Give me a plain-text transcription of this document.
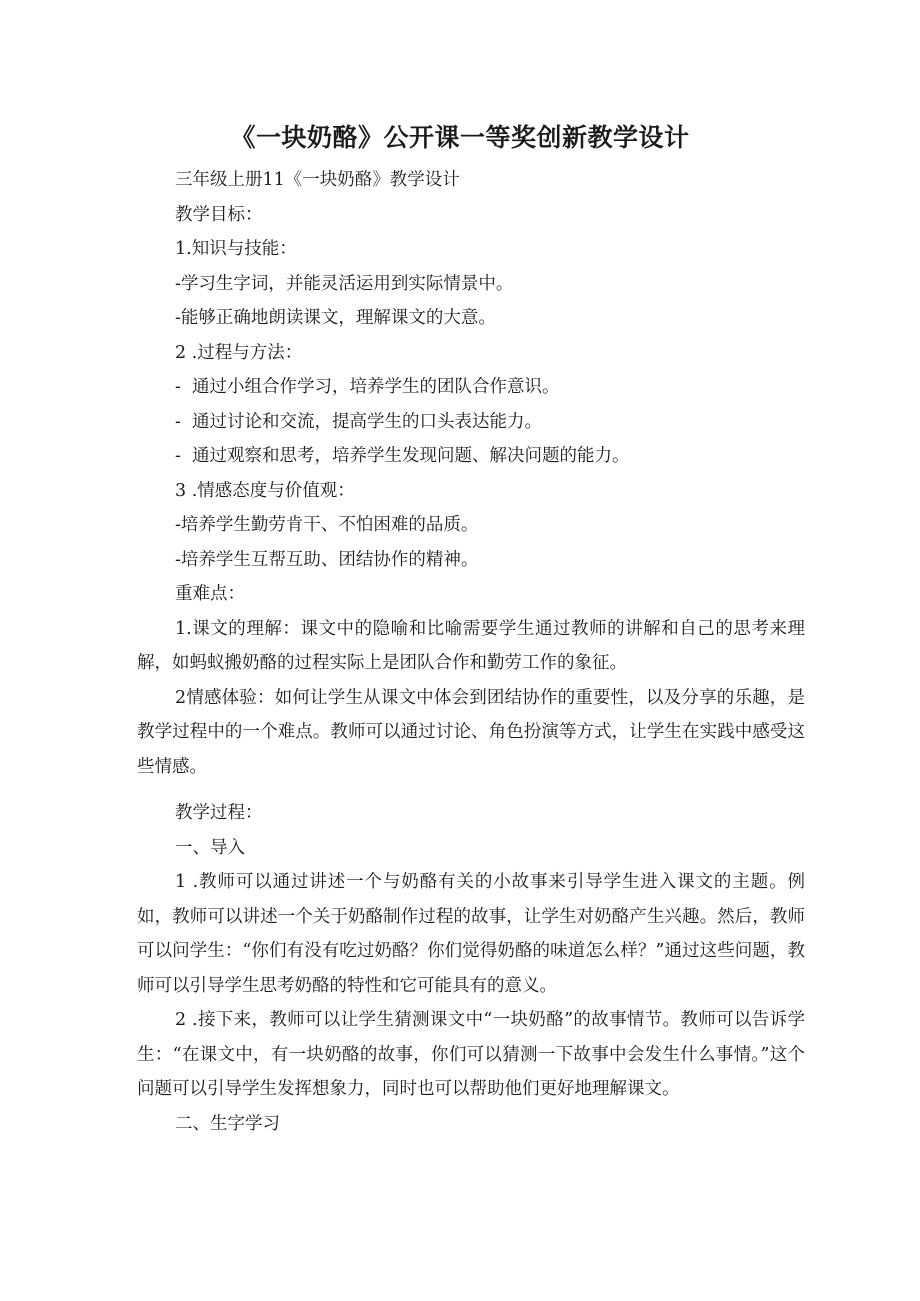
《一块奶酪》公开课一等奖创新教学设计

三年级上册11《一块奶酪》教学设计

教学目标：

1.知识与技能：

-学习生字词，并能灵活运用到实际情景中。

-能够正确地朗读课文，理解课文的大意。

2 .过程与方法：

-  通过小组合作学习，培养学生的团队合作意识。

-  通过讨论和交流，提高学生的口头表达能力。

-  通过观察和思考，培养学生发现问题、解决问题的能力。

3 .情感态度与价值观：

-培养学生勤劳肯干、不怕困难的品质。

-培养学生互帮互助、团结协作的精神。

重难点：

1.课文的理解：课文中的隐喻和比喻需要学生通过教师的讲解和自己的思考来理解，如蚂蚁搬奶酪的过程实际上是团队合作和勤劳工作的象征。

2情感体验：如何让学生从课文中体会到团结协作的重要性，以及分享的乐趣，是教学过程中的一个难点。教师可以通过讨论、角色扮演等方式，让学生在实践中感受这些情感。

教学过程：

一、导入

1 .教师可以通过讲述一个与奶酪有关的小故事来引导学生进入课文的主题。例如，教师可以讲述一个关于奶酪制作过程的故事，让学生对奶酪产生兴趣。然后，教师可以问学生：“你们有没有吃过奶酪？你们觉得奶酪的味道怎么样？”通过这些问题，教师可以引导学生思考奶酪的特性和它可能具有的意义。

2 .接下来，教师可以让学生猜测课文中“一块奶酪”的故事情节。教师可以告诉学生：“在课文中，有一块奶酪的故事，你们可以猜测一下故事中会发生什么事情。”这个问题可以引导学生发挥想象力，同时也可以帮助他们更好地理解课文。

二、生字学习
